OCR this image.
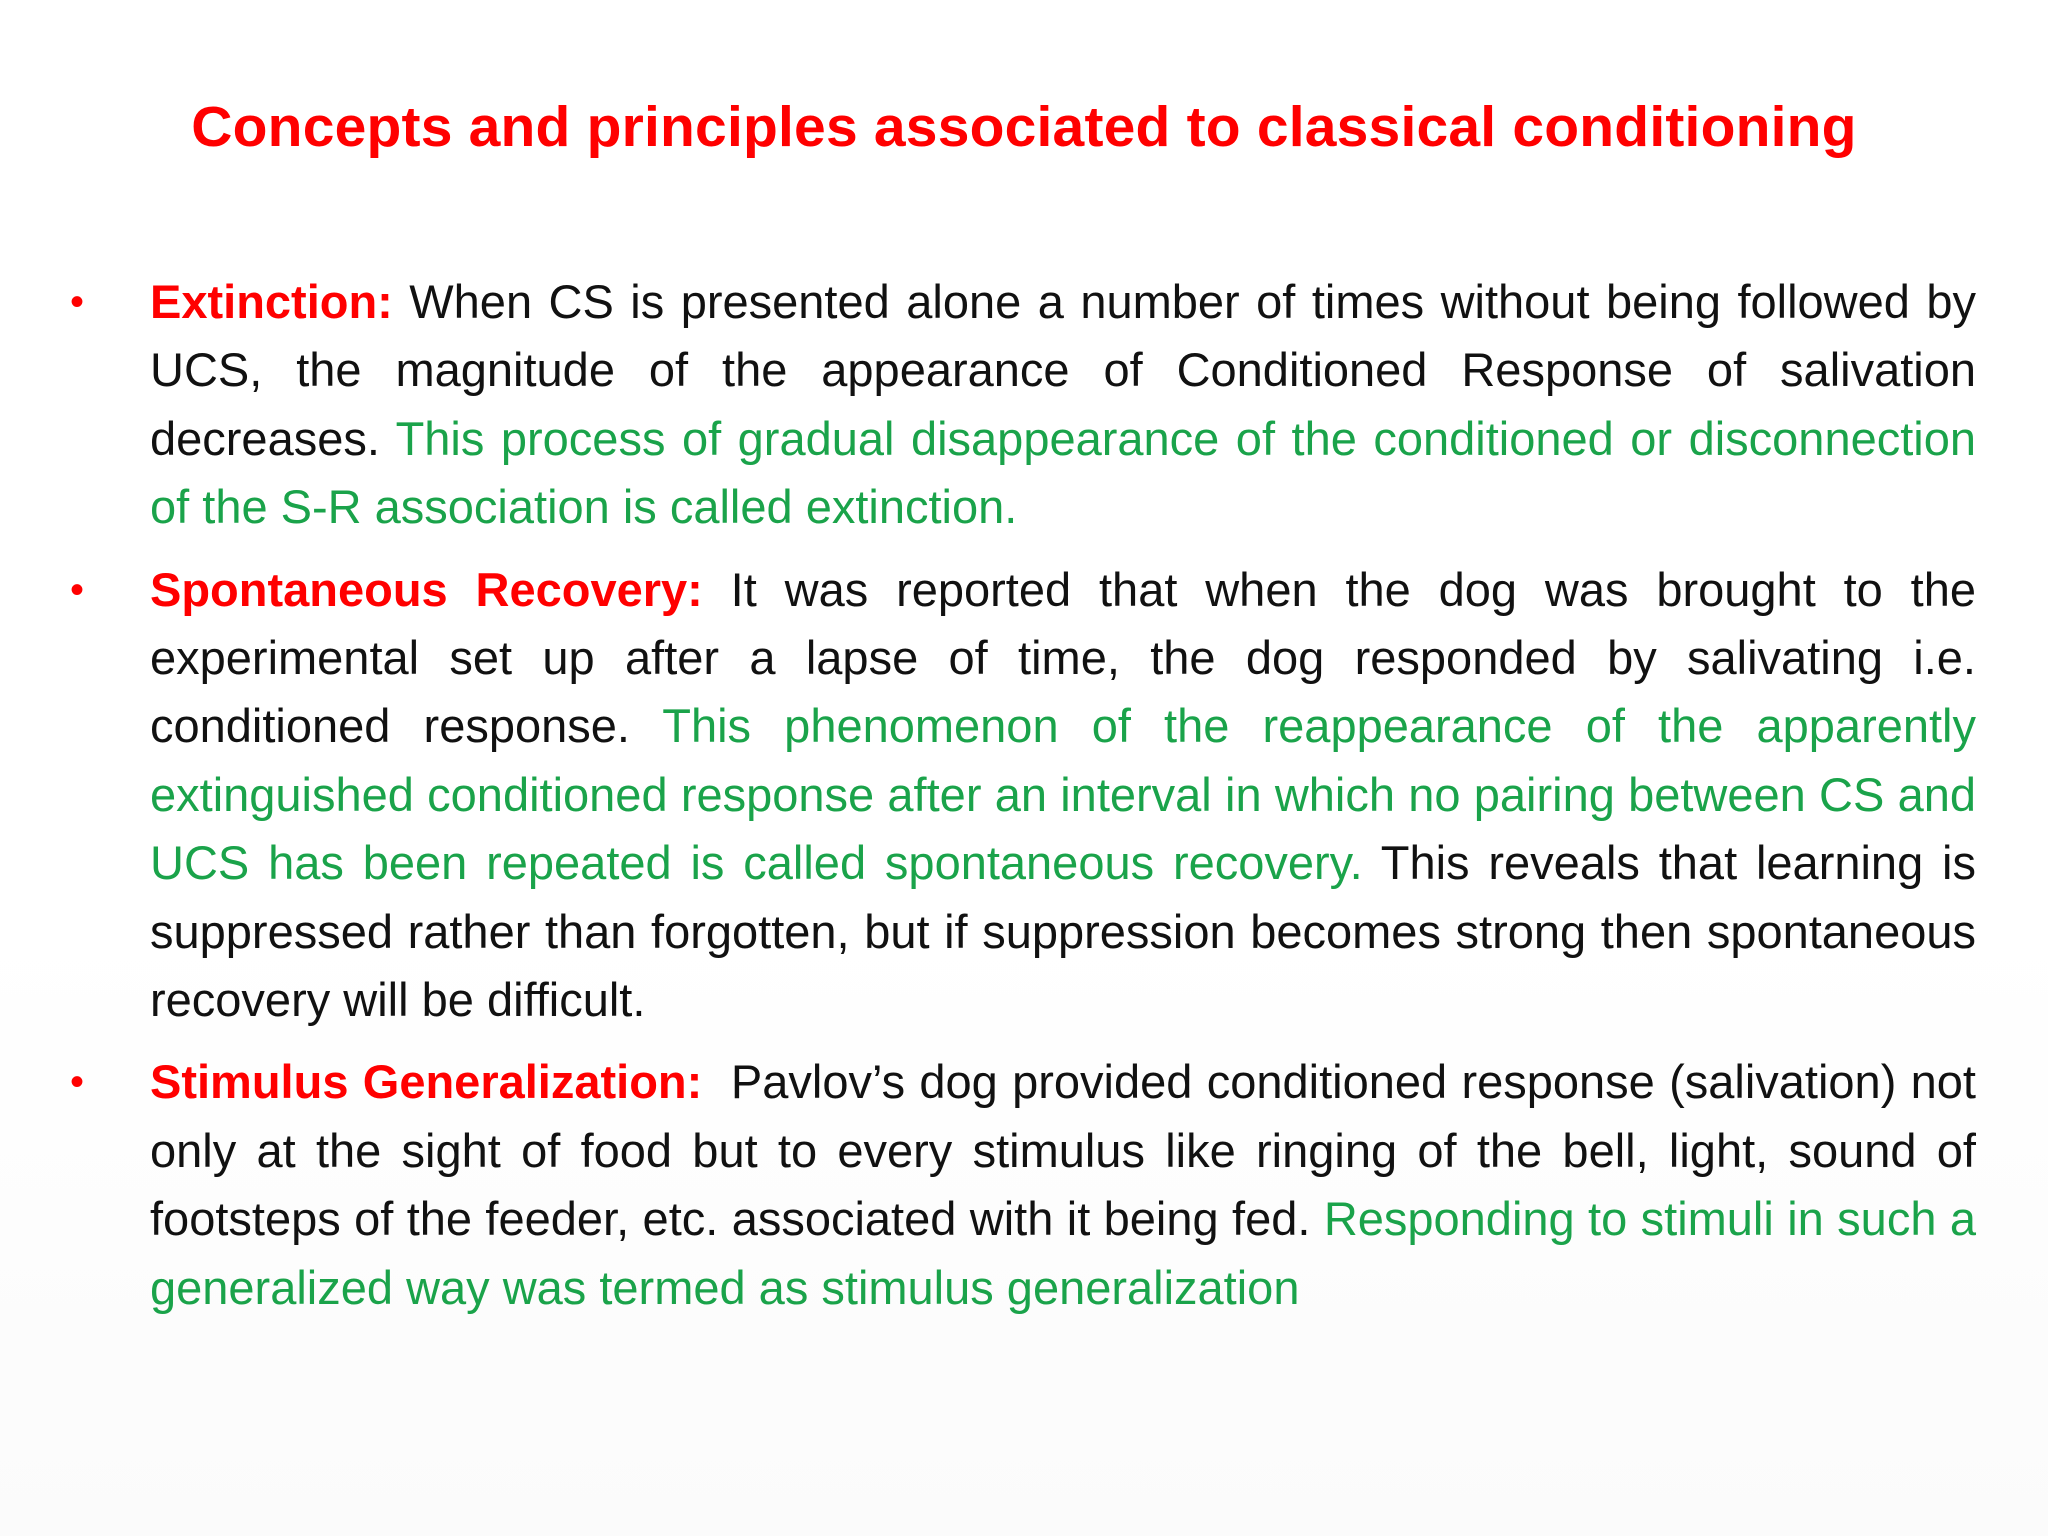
Concepts and principles associated to classical conditioning
• Extinction: When CS is presented alone a number of times without being followed by UCS, the magnitude of the appearance of Conditioned Response of salivation decreases. This process of gradual disappearance of the conditioned or disconnection of the S-R association is called extinction.
• Spontaneous Recovery: It was reported that when the dog was brought to the experimental set up after a lapse of time, the dog responded by salivating i.e. conditioned response. This phenomenon of the reappearance of the apparently extinguished conditioned response after an interval in which no pairing between CS and UCS has been repeated is called spontaneous recovery. This reveals that learning is suppressed rather than forgotten, but if suppression becomes strong then spontaneous recovery will be difficult.
• Stimulus Generalization:  Pavlov’s dog provided conditioned response (salivation) not only at the sight of food but to every stimulus like ringing of the bell, light, sound of footsteps of the feeder, etc. associated with it being fed. Responding to stimuli in such a generalized way was termed as stimulus generalization
